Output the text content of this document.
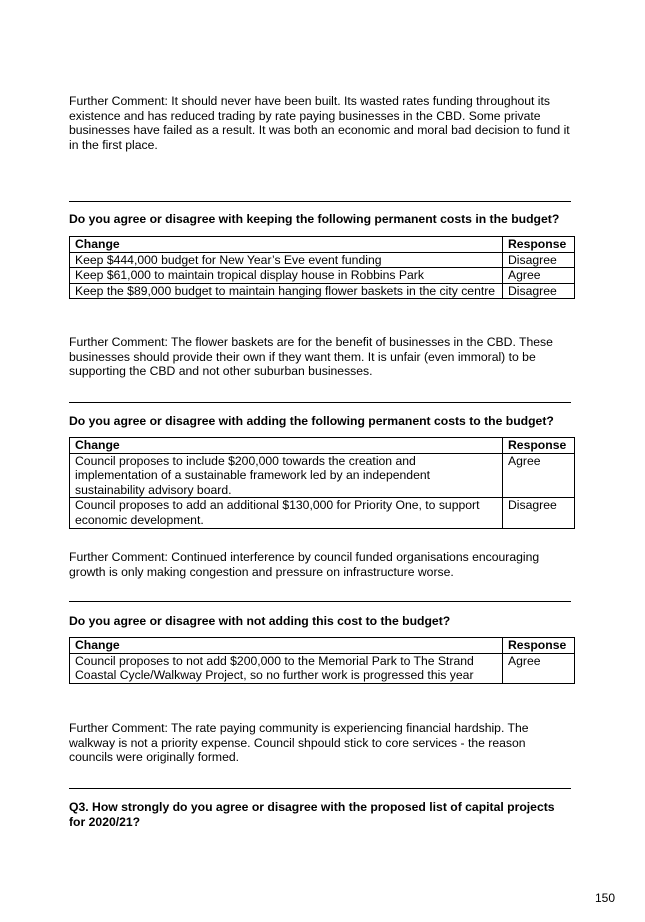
Further Comment: It should never have been built. Its wasted rates funding throughout its existence and has reduced trading by rate paying businesses in the CBD. Some private businesses have failed as a result. It was both an economic and moral bad decision to fund it in the first place.

Do you agree or disagree with keeping the following permanent costs in the budget?

Change	Response
Keep $444,000 budget for New Year’s Eve event funding	Disagree
Keep $61,000 to maintain tropical display house in Robbins Park	Agree
Keep the $89,000 budget to maintain hanging flower baskets in the city centre	Disagree

Further Comment: The flower baskets are for the benefit of businesses in the CBD. These businesses should provide their own if they want them. It is unfair (even immoral) to be supporting the CBD and not other suburban businesses.

Do you agree or disagree with adding the following permanent costs to the budget?

Change	Response
Council proposes to include $200,000 towards the creation and implementation of a sustainable framework led by an independent sustainability advisory board.	Agree
Council proposes to add an additional $130,000 for Priority One, to support economic development.	Disagree

Further Comment: Continued interference by council funded organisations encouraging growth is only making congestion and pressure on infrastructure worse.

Do you agree or disagree with not adding this cost to the budget?

Change	Response
Council proposes to not add $200,000 to the Memorial Park to The Strand Coastal Cycle/Walkway Project, so no further work is progressed this year	Agree

Further Comment: The rate paying community is experiencing financial hardship. The walkway is not a priority expense. Council shpould stick to core services - the reason councils were originally formed.

Q3. How strongly do you agree or disagree with the proposed list of capital projects for 2020/21?

150
